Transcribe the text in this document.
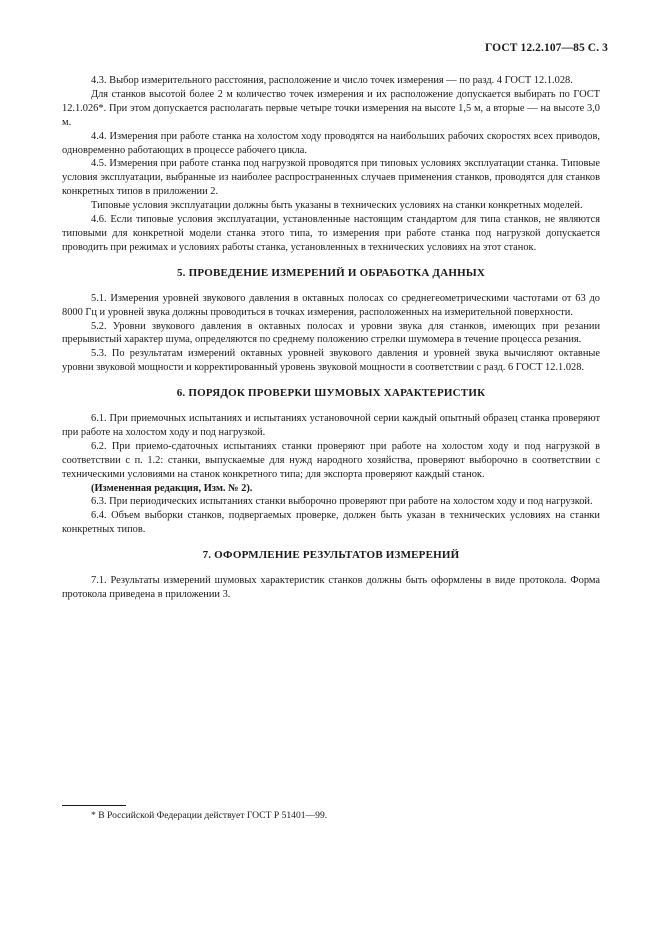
ГОСТ 12.2.107—85 С. 3

4.3. Выбор измерительного расстояния, расположение и число точек измерения — по разд. 4 ГОСТ 12.1.028.

Для станков высотой более 2 м количество точек измерения и их расположение допускается выбирать по ГОСТ 12.1.026*. При этом допускается располагать первые четыре точки измерения на высоте 1,5 м, а вторые — на высоте 3,0 м.

4.4. Измерения при работе станка на холостом ходу проводятся на наибольших рабочих скоростях всех приводов, одновременно работающих в процессе рабочего цикла.

4.5. Измерения при работе станка под нагрузкой проводятся при типовых условиях эксплуатации станка. Типовые условия эксплуатации, выбранные из наиболее распространенных случаев применения станков, проводятся для станков конкретных типов в приложении 2.

Типовые условия эксплуатации должны быть указаны в технических условиях на станки конкретных моделей.

4.6. Если типовые условия эксплуатации, установленные настоящим стандартом для типа станков, не являются типовыми для конкретной модели станка этого типа, то измерения при работе станка под нагрузкой допускается проводить при режимах и условиях работы станка, установленных в технических условиях на этот станок.

5. ПРОВЕДЕНИЕ ИЗМЕРЕНИЙ И ОБРАБОТКА ДАННЫХ

5.1. Измерения уровней звукового давления в октавных полосах со среднегеометрическими частотами от 63 до 8000 Гц и уровней звука должны проводиться в точках измерения, расположенных на измерительной поверхности.

5.2. Уровни звукового давления в октавных полосах и уровни звука для станков, имеющих при резании прерывистый характер шума, определяются по среднему положению стрелки шумомера в течение процесса резания.

5.3. По результатам измерений октавных уровней звукового давления и уровней звука вычисляют октавные уровни звуковой мощности и корректированный уровень звуковой мощности в соответствии с разд. 6 ГОСТ 12.1.028.

6. ПОРЯДОК ПРОВЕРКИ ШУМОВЫХ ХАРАКТЕРИСТИК

6.1. При приемочных испытаниях и испытаниях установочной серии каждый опытный образец станка проверяют при работе на холостом ходу и под нагрузкой.

6.2. При приемо-сдаточных испытаниях станки проверяют при работе на холостом ходу и под нагрузкой в соответствии с п. 1.2: станки, выпускаемые для нужд народного хозяйства, проверяют выборочно в соответствии с техническими условиями на станок конкретного типа; для экспорта проверяют каждый станок.

(Измененная редакция, Изм. № 2).

6.3. При периодических испытаниях станки выборочно проверяют при работе на холостом ходу и под нагрузкой.

6.4. Объем выборки станков, подвергаемых проверке, должен быть указан в технических условиях на станки конкретных типов.

7. ОФОРМЛЕНИЕ РЕЗУЛЬТАТОВ ИЗМЕРЕНИЙ

7.1. Результаты измерений шумовых характеристик станков должны быть оформлены в виде протокола. Форма протокола приведена в приложении 3.

* В Российской Федерации действует ГОСТ Р 51401—99.
